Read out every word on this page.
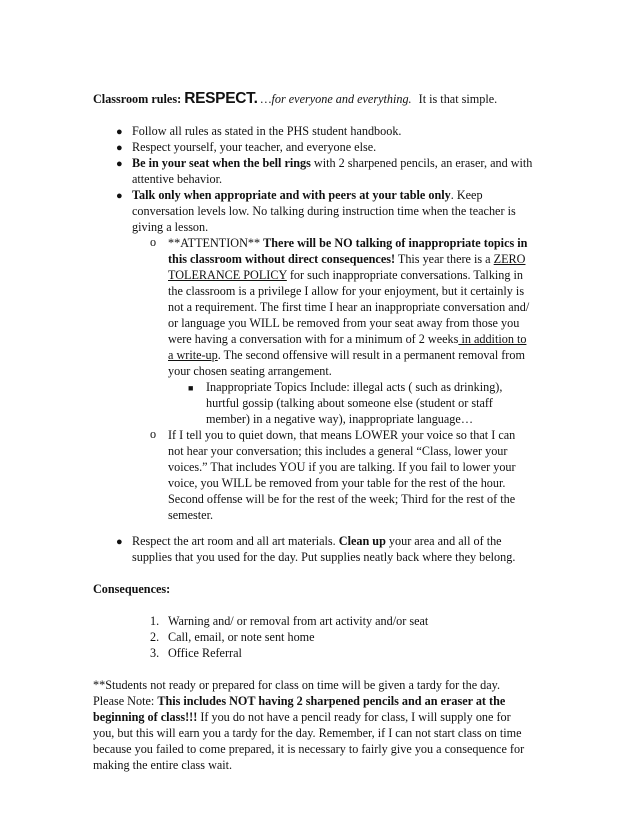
Classroom rules: RESPECT. …for everyone and everything. It is that simple.
● Follow all rules as stated in the PHS student handbook.
● Respect yourself, your teacher, and everyone else.
● Be in your seat when the bell rings with 2 sharpened pencils, an eraser, and with
attentive behavior.
● Talk only when appropriate and with peers at your table only. Keep
conversation levels low. No talking during instruction time when the teacher is
giving a lesson.
o **ATTENTION** There will be NO talking of inappropriate topics in
this classroom without direct consequences! This year there is a ZERO
TOLERANCE POLICY for such inappropriate conversations. Talking in
the classroom is a privilege I allow for your enjoyment, but it certainly is
not a requirement. The first time I hear an inappropriate conversation and/
or language you WILL be removed from your seat away from those you
were having a conversation with for a minimum of 2 weeks in addition to
a write-up. The second offensive will result in a permanent removal from
your chosen seating arrangement.
■ Inappropriate Topics Include: illegal acts ( such as drinking),
hurtful gossip (talking about someone else (student or staff
member) in a negative way), inappropriate language…
o If I tell you to quiet down, that means LOWER your voice so that I can
not hear your conversation; this includes a general “Class, lower your
voices.” That includes YOU if you are talking. If you fail to lower your
voice, you WILL be removed from your table for the rest of the hour.
Second offense will be for the rest of the week; Third for the rest of the
semester.
● Respect the art room and all art materials. Clean up your area and all of the
supplies that you used for the day. Put supplies neatly back where they belong.
Consequences:
1. Warning and/ or removal from art activity and/or seat
2. Call, email, or note sent home
3. Office Referral
**Students not ready or prepared for class on time will be given a tardy for the day.
Please Note: This includes NOT having 2 sharpened pencils and an eraser at the
beginning of class!!! If you do not have a pencil ready for class, I will supply one for
you, but this will earn you a tardy for the day. Remember, if I can not start class on time
because you failed to come prepared, it is necessary to fairly give you a consequence for
making the entire class wait.
